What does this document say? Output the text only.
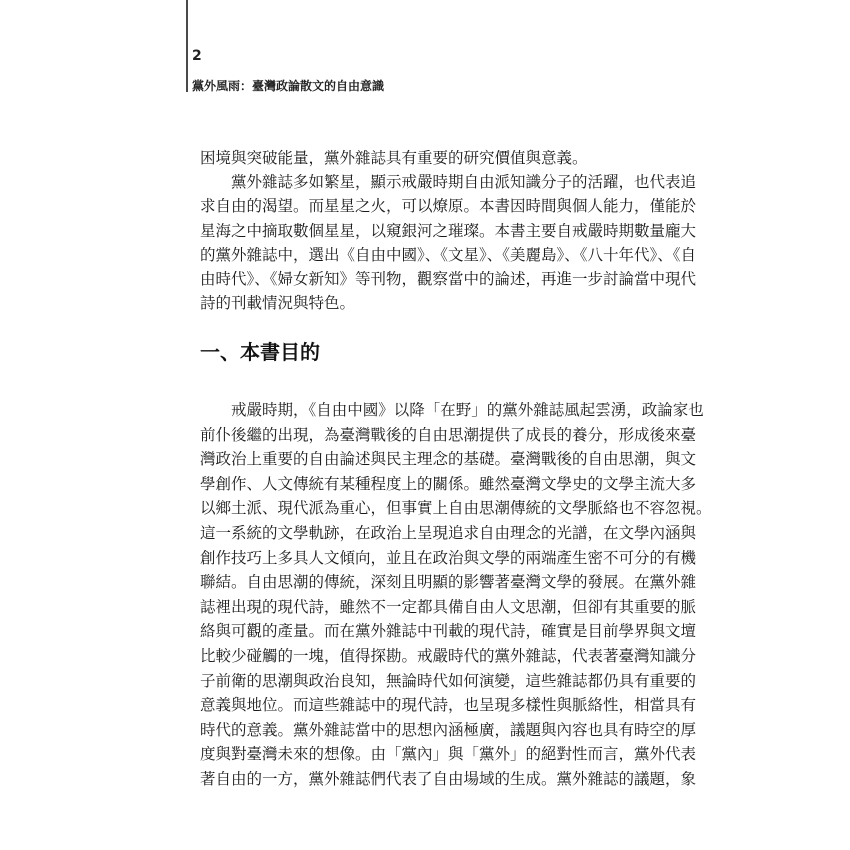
2
黨外風雨：臺灣政論散文的自由意識
困境與突破能量，黨外雜誌具有重要的研究價值與意義。
黨外雜誌多如繁星，顯示戒嚴時期自由派知識分子的活躍，也代表追
求自由的渴望。而星星之火，可以燎原。本書因時間與個人能力，僅能於
星海之中摘取數個星星，以窺銀河之璀璨。本書主要自戒嚴時期數量龐大
的黨外雜誌中，選出《自由中國》、《文星》、《美麗島》、《八十年代》、《自
由時代》、《婦女新知》等刊物，觀察當中的論述，再進一步討論當中現代
詩的刊載情況與特色。
一、本書目的
戒嚴時期，《自由中國》以降「在野」的黨外雜誌風起雲湧，政論家也
前仆後繼的出現，為臺灣戰後的自由思潮提供了成長的養分，形成後來臺
灣政治上重要的自由論述與民主理念的基礎。臺灣戰後的自由思潮，與文
學創作、人文傳統有某種程度上的關係。雖然臺灣文學史的文學主流大多
以鄉土派、現代派為重心，但事實上自由思潮傳統的文學脈絡也不容忽視。
這一系統的文學軌跡，在政治上呈現追求自由理念的光譜，在文學內涵與
創作技巧上多具人文傾向，並且在政治與文學的兩端產生密不可分的有機
聯結。自由思潮的傳統，深刻且明顯的影響著臺灣文學的發展。在黨外雜
誌裡出現的現代詩，雖然不一定都具備自由人文思潮，但卻有其重要的脈
絡與可觀的產量。而在黨外雜誌中刊載的現代詩，確實是目前學界與文壇
比較少碰觸的一塊，值得探勘。戒嚴時代的黨外雜誌，代表著臺灣知識分
子前衛的思潮與政治良知，無論時代如何演變，這些雜誌都仍具有重要的
意義與地位。而這些雜誌中的現代詩，也呈現多樣性與脈絡性，相當具有
時代的意義。黨外雜誌當中的思想內涵極廣，議題與內容也具有時空的厚
度與對臺灣未來的想像。由「黨內」與「黨外」的絕對性而言，黨外代表
著自由的一方，黨外雜誌們代表了自由場域的生成。黨外雜誌的議題，象
